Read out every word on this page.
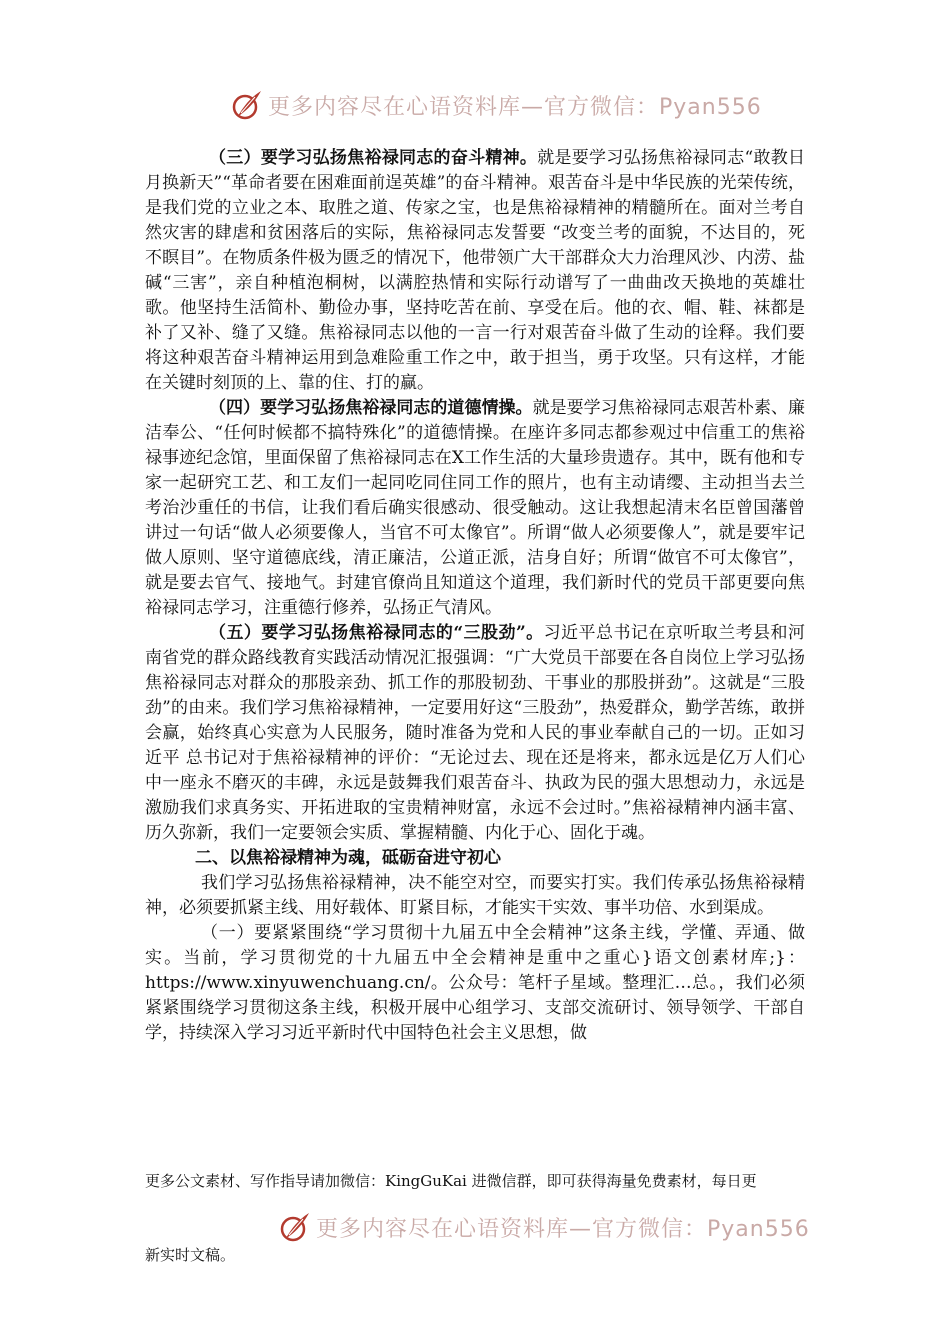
更多内容尽在心语资料库—官方微信：Pyan556

（三）要学习弘扬焦裕禄同志的奋斗精神。就是要学习弘扬焦裕禄同志“敢教日月换新天”“革命者要在困难面前逞英雄”的奋斗精神。艰苦奋斗是中华民族的光荣传统，是我们党的立业之本、取胜之道、传家之宝，也是焦裕禄精神的精髓所在。面对兰考自然灾害的肆虐和贫困落后的实际，焦裕禄同志发誓要 “改变兰考的面貌，不达目的，死不瞑目”。在物质条件极为匮乏的情况下，他带领广大干部群众大力治理风沙、内涝、盐碱“三害”，亲自种植泡桐树，以满腔热情和实际行动谱写了一曲曲改天换地的英雄壮歌。他坚持生活简朴、勤俭办事，坚持吃苦在前、享受在后。他的衣、帽、鞋、袜都是补了又补、缝了又缝。焦裕禄同志以他的一言一行对艰苦奋斗做了生动的诠释。我们要将这种艰苦奋斗精神运用到急难险重工作之中，敢于担当，勇于攻坚。只有这样，才能在关键时刻顶的上、靠的住、打的赢。

（四）要学习弘扬焦裕禄同志的道德情操。就是要学习焦裕禄同志艰苦朴素、廉洁奉公、“任何时候都不搞特殊化”的道德情操。在座许多同志都参观过中信重工的焦裕禄事迹纪念馆，里面保留了焦裕禄同志在X工作生活的大量珍贵遗存。其中，既有他和专家一起研究工艺、和工友们一起同吃同住同工作的照片，也有主动请缨、主动担当去兰考治沙重任的书信，让我们看后确实很感动、很受触动。这让我想起清末名臣曾国藩曾讲过一句话“做人必须要像人，当官不可太像官”。所谓“做人必须要像人”，就是要牢记做人原则、坚守道德底线，清正廉洁，公道正派，洁身自好；所谓“做官不可太像官”，就是要去官气、接地气。封建官僚尚且知道这个道理，我们新时代的党员干部更要向焦裕禄同志学习，注重德行修养，弘扬正气清风。

（五）要学习弘扬焦裕禄同志的“三股劲”。习近平总书记在京听取兰考县和河南省党的群众路线教育实践活动情况汇报强调：“广大党员干部要在各自岗位上学习弘扬焦裕禄同志对群众的那股亲劲、抓工作的那股韧劲、干事业的那股拼劲”。这就是“三股劲”的由来。我们学习焦裕禄精神，一定要用好这“三股劲”，热爱群众，勤学苦练，敢拼会赢，始终真心实意为人民服务，随时准备为党和人民的事业奉献自己的一切。正如习近平 总书记对于焦裕禄精神的评价：“无论过去、现在还是将来，都永远是亿万人们心中一座永不磨灭的丰碑，永远是鼓舞我们艰苦奋斗、执政为民的强大思想动力，永远是激励我们求真务实、开拓进取的宝贵精神财富，永远不会过时。”焦裕禄精神内涵丰富、历久弥新，我们一定要领会实质、掌握精髓、内化于心、固化于魂。

二、以焦裕禄精神为魂，砥砺奋进守初心

我们学习弘扬焦裕禄精神，决不能空对空，而要实打实。我们传承弘扬焦裕禄精神，必须要抓紧主线、用好载体、盯紧目标，才能实干实效、事半功倍、水到渠成。

（一）要紧紧围绕“学习贯彻十九届五中全会精神”这条主线，学懂、弄通、做实。当前，学习贯彻党的十九届五中全会精神是重中之重心}语文创素材库;}：https://www.xinyuwenchuang.cn/。公众号：笔杆子星域。整理汇…总。，我们必须紧紧围绕学习贯彻这条主线，积极开展中心组学习、支部交流研讨、领导领学、干部自学，持续深入学习习近平新时代中国特色社会主义思想，做

更多公文素材、写作指导请加微信：KingGuKai 进微信群，即可获得海量免费素材，每日更
更多内容尽在心语资料库—官方微信：Pyan556
新实时文稿。
